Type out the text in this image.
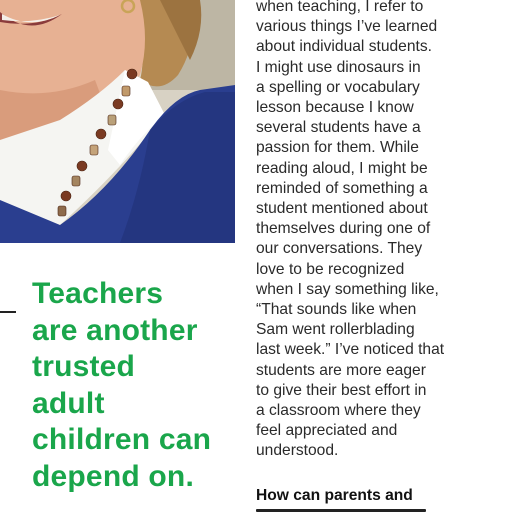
Teachers
are another
trusted
adult
children can
depend on.
when teaching, I refer to
various things I’ve learned
about individual students.
I might use dinosaurs in
a spelling or vocabulary
lesson because I know
several students have a
passion for them. While
reading aloud, I might be
reminded of something a
student mentioned about
themselves during one of
our conversations. They
love to be recognized
when I say something like,
“That sounds like when
Sam went rollerblading
last week.” I’ve noticed that
students are more eager
to give their best effort in
a classroom where they
feel appreciated and
understood.
How can parents and
